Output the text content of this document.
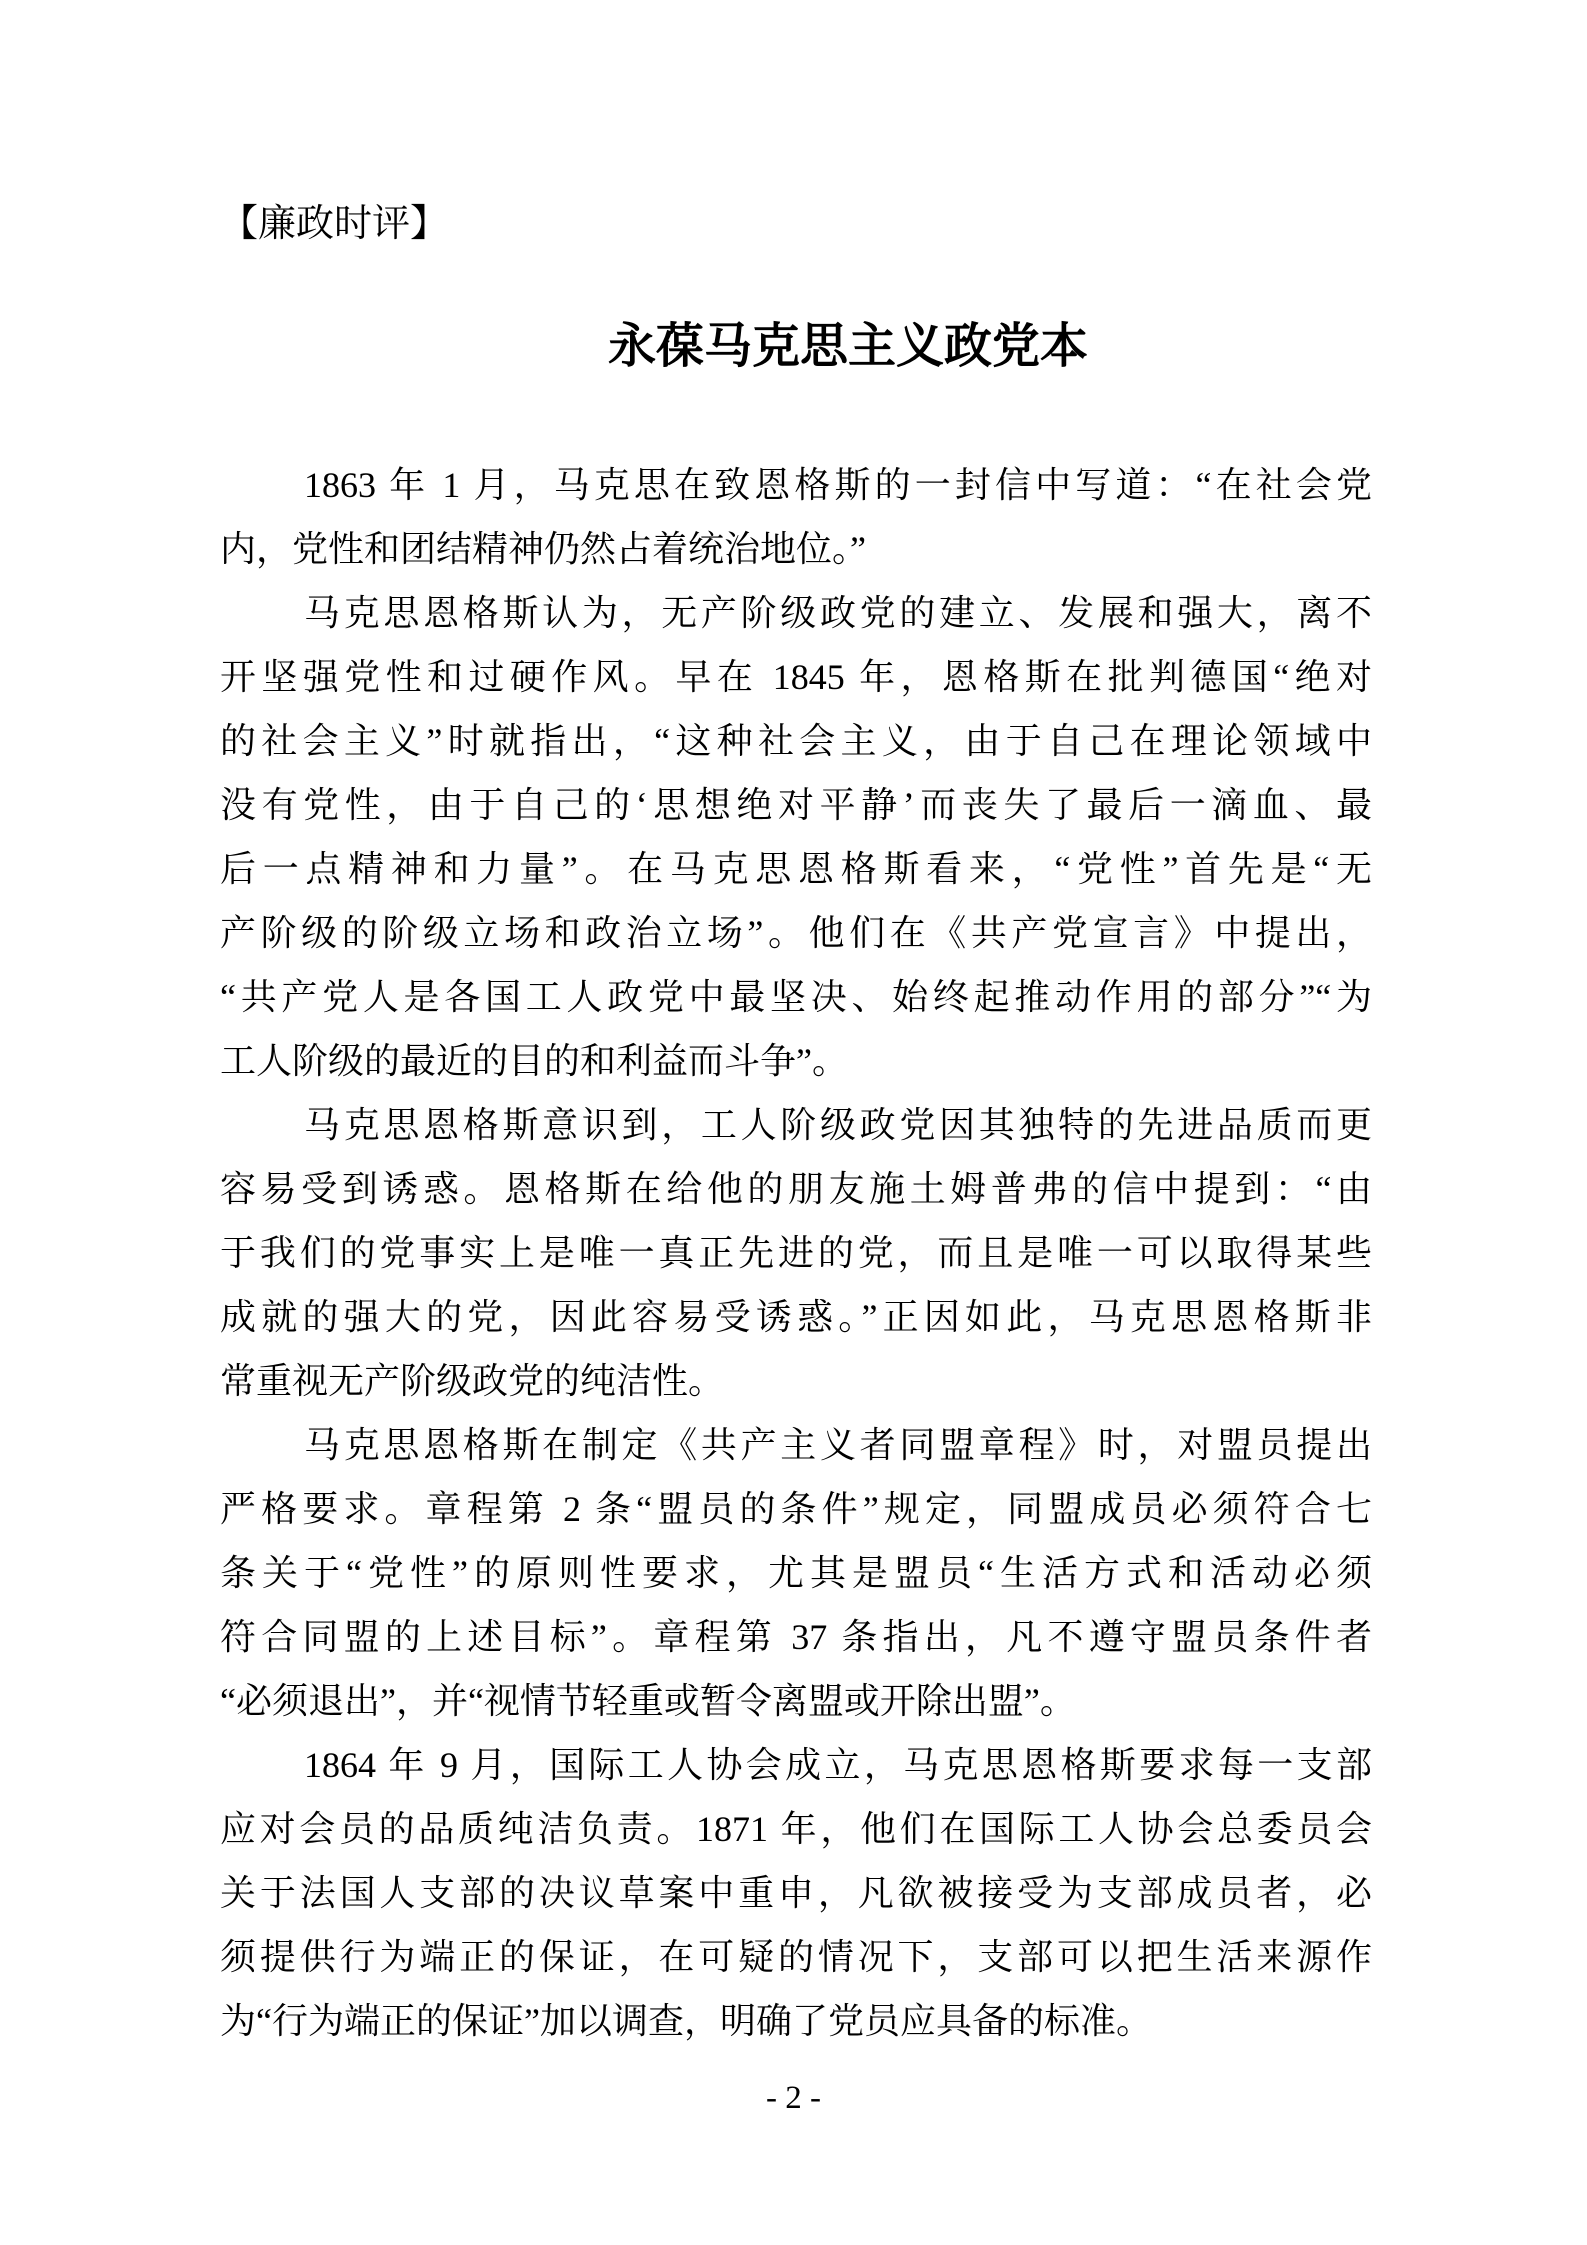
【廉政时评】
永葆马克思主义政党本
1863 年 1 月，马克思在致恩格斯的一封信中写道：“在社会党
内，党性和团结精神仍然占着统治地位。”
马克思恩格斯认为，无产阶级政党的建立、发展和强大，离不
开坚强党性和过硬作风。早在 1845 年，恩格斯在批判德国“绝对
的社会主义”时就指出，“这种社会主义，由于自己在理论领域中
没有党性，由于自己的‘思想绝对平静’而丧失了最后一滴血、最
后一点精神和力量”。在马克思恩格斯看来，“党性”首先是“无
产阶级的阶级立场和政治立场”。他们在《共产党宣言》中提出，
“共产党人是各国工人政党中最坚决、始终起推动作用的部分”“为
工人阶级的最近的目的和利益而斗争”。
马克思恩格斯意识到，工人阶级政党因其独特的先进品质而更
容易受到诱惑。恩格斯在给他的朋友施土姆普弗的信中提到：“由
于我们的党事实上是唯一真正先进的党，而且是唯一可以取得某些
成就的强大的党，因此容易受诱惑。”正因如此，马克思恩格斯非
常重视无产阶级政党的纯洁性。
马克思恩格斯在制定《共产主义者同盟章程》时，对盟员提出
严格要求。章程第 2 条“盟员的条件”规定，同盟成员必须符合七
条关于“党性”的原则性要求，尤其是盟员“生活方式和活动必须
符合同盟的上述目标”。章程第 37 条指出，凡不遵守盟员条件者
“必须退出”，并“视情节轻重或暂令离盟或开除出盟”。
1864 年 9 月，国际工人协会成立，马克思恩格斯要求每一支部
应对会员的品质纯洁负责。1871 年，他们在国际工人协会总委员会
关于法国人支部的决议草案中重申，凡欲被接受为支部成员者，必
须提供行为端正的保证，在可疑的情况下，支部可以把生活来源作
为“行为端正的保证”加以调查，明确了党员应具备的标准。
- 2 -
